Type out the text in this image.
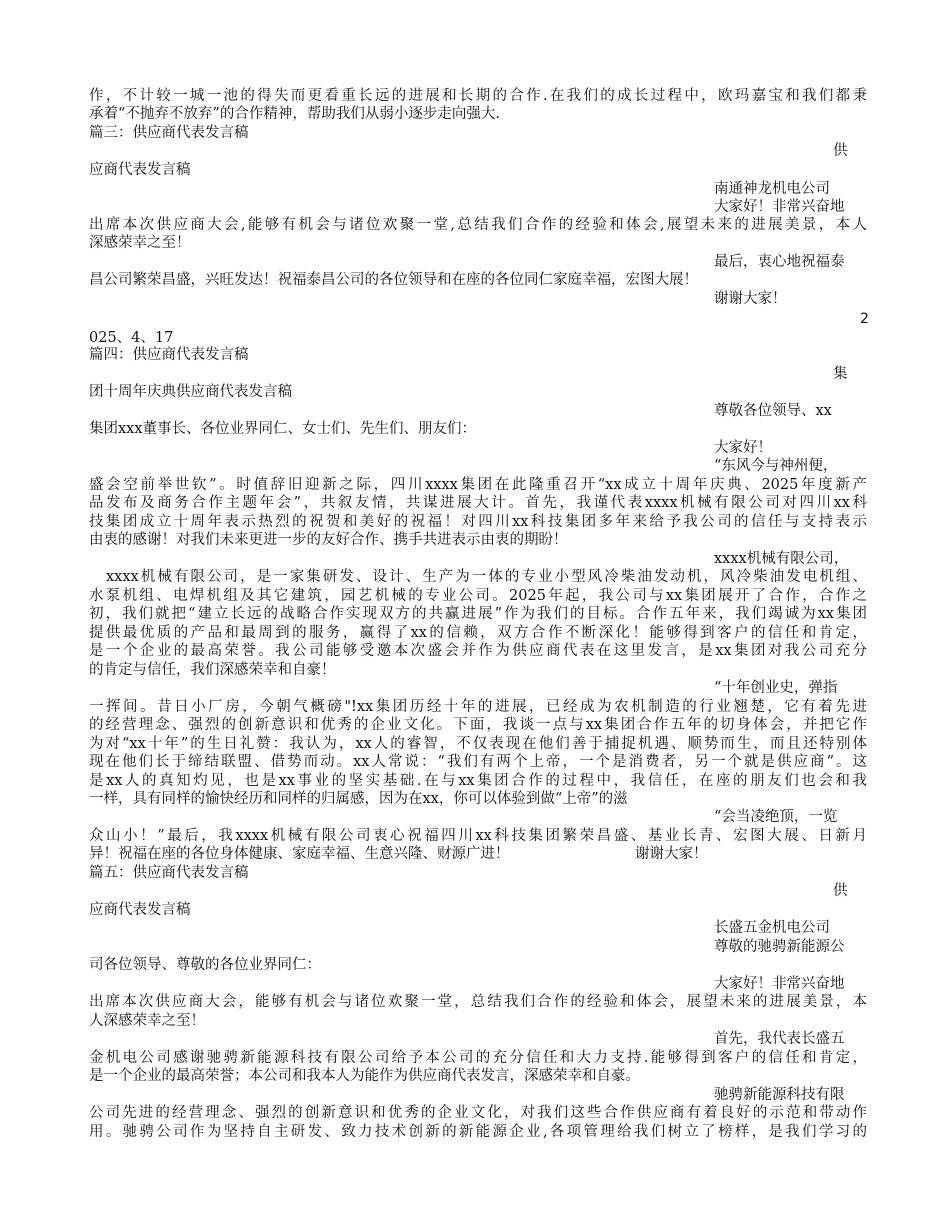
作，不计较一城一池的得失而更看重长远的进展和长期的合作.在我们的成长过程中，欧玛嘉宝和我们都秉
承着“不抛弃不放弃”的合作精神，帮助我们从弱小逐步走向强大.
篇三：供应商代表发言稿
供
应商代表发言稿
南通神龙机电公司
大家好！非常兴奋地
出席本次供应商大会,能够有机会与诸位欢聚一堂,总结我们合作的经验和体会,展望未来的进展美景，本人
深感荣幸之至！
最后，衷心地祝福泰
昌公司繁荣昌盛，兴旺发达！祝福泰昌公司的各位领导和在座的各位同仁家庭幸福，宏图大展！
谢谢大家！
2
025、4、17
篇四：供应商代表发言稿
集
团十周年庆典供应商代表发言稿
尊敬各位领导、xx
集团xxx董事长、各位业界同仁、女士们、先生们、朋友们：
大家好！
“东风今与神州便，
盛会空前举世钦”。时值辞旧迎新之际，四川xxxx集团在此隆重召开“xx成立十周年庆典、2025年度新产
品发布及商务合作主题年会”，共叙友情，共谋进展大计。首先，我谨代表xxxx机械有限公司对四川xx科
技集团成立十周年表示热烈的祝贺和美好的祝福！对四川xx科技集团多年来给予我公司的信任与支持表示
由衷的感谢！对我们未来更进一步的友好合作、携手共进表示由衷的期盼！
xxxx机械有限公司，
xxxx机械有限公司，是一家集研发、设计、生产为一体的专业小型风冷柴油发动机，风冷柴油发电机组、
水泵机组、电焊机组及其它建筑，园艺机械的专业公司。2025年起，我公司与xx集团展开了合作，合作之
初，我们就把“建立长远的战略合作实现双方的共赢进展”作为我们的目标。合作五年来，我们竭诚为xx集团
提供最优质的产品和最周到的服务，赢得了xx的信赖，双方合作不断深化！能够得到客户的信任和肯定，
是一个企业的最高荣誉。我公司能够受邀本次盛会并作为供应商代表在这里发言，是xx集团对我公司充分
的肯定与信任，我们深感荣幸和自豪！
“十年创业史，弹指
一挥间。昔日小厂房，今朝气概磅"!xx集团历经十年的进展，已经成为农机制造的行业翘楚，它有着先进
的经营理念、强烈的创新意识和优秀的企业文化。下面，我谈一点与xx集团合作五年的切身体会，并把它作
为对“xx十年”的生日礼赞：我认为，xx人的睿智，不仅表现在他们善于捕捉机遇、顺势而生，而且还特别体
现在他们长于缔结联盟、借势而动。xx人常说：“我们有两个上帝，一个是消费者，另一个就是供应商”。这
是xx人的真知灼见，也是xx事业的坚实基础.在与xx集团合作的过程中，我信任，在座的朋友们也会和我
一样，具有同样的愉快经历和同样的归属感，因为在xx，你可以体验到做“上帝”的滋
“会当凌绝顶，一览
众山小！”最后，我xxxx机械有限公司衷心祝福四川xx科技集团繁荣昌盛、基业长青、宏图大展、日新月
异！祝福在座的各位身体健康、家庭幸福、生意兴隆、财源广进！	谢谢大家！
篇五：供应商代表发言稿
供
应商代表发言稿
长盛五金机电公司
尊敬的驰骋新能源公
司各位领导、尊敬的各位业界同仁：
大家好！非常兴奋地
出席本次供应商大会，能够有机会与诸位欢聚一堂，总结我们合作的经验和体会，展望未来的进展美景，本
人深感荣幸之至！
首先，我代表长盛五
金机电公司感谢驰骋新能源科技有限公司给予本公司的充分信任和大力支持.能够得到客户的信任和肯定，
是一个企业的最高荣誉；本公司和我本人为能作为供应商代表发言，深感荣幸和自豪。
驰骋新能源科技有限
公司先进的经营理念、强烈的创新意识和优秀的企业文化，对我们这些合作供应商有着良好的示范和带动作
用。驰骋公司作为坚持自主研发、致力技术创新的新能源企业,各项管理给我们树立了榜样，是我们学习的
